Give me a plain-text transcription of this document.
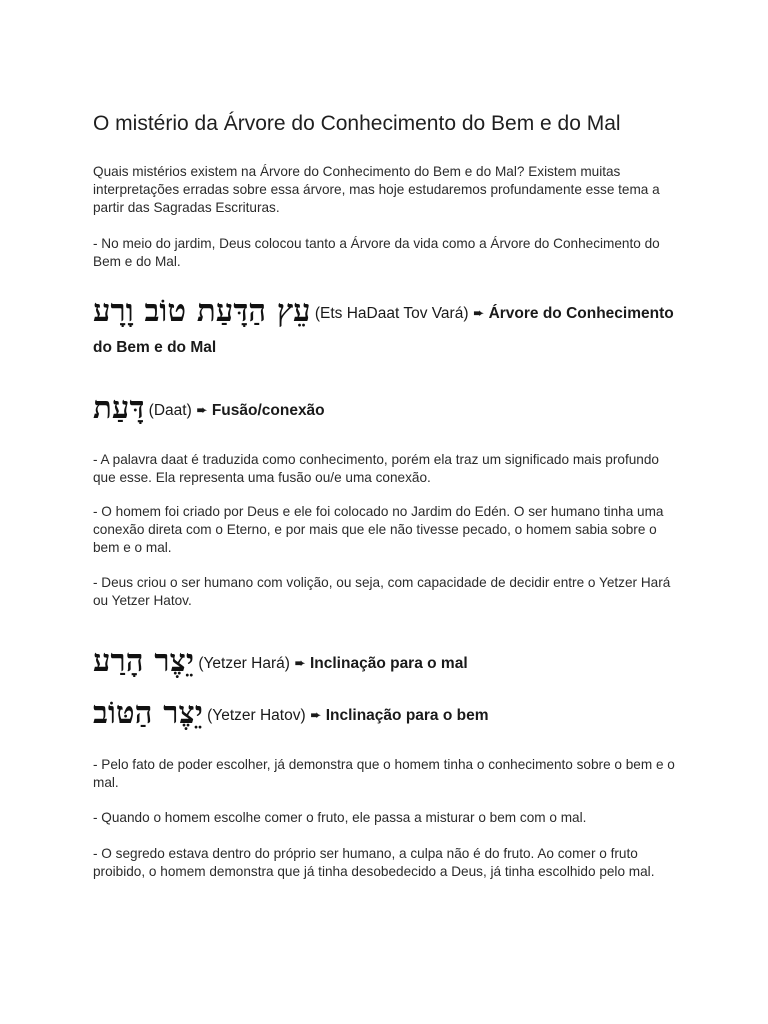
O mistério da Árvore do Conhecimento do Bem e do Mal

Quais mistérios existem na Árvore do Conhecimento do Bem e do Mal? Existem muitas interpretações erradas sobre essa árvore, mas hoje estudaremos profundamente esse tema a partir das Sagradas Escrituras.

- No meio do jardim, Deus colocou tanto a Árvore da vida como a Árvore do Conhecimento do Bem e do Mal.

עֵץ הַדָּעַת טוֹב וָרָע (Ets HaDaat Tov Vará) ➨ Árvore do Conhecimento do Bem e do Mal
דָּעַת (Daat) ➨ Fusão/conexão

- A palavra daat é traduzida como conhecimento, porém ela traz um significado mais profundo que esse. Ela representa uma fusão ou/e uma conexão.

- O homem foi criado por Deus e ele foi colocado no Jardim do Edén. O ser humano tinha uma conexão direta com o Eterno, e por mais que ele não tivesse pecado, o homem sabia sobre o bem e o mal.

- Deus criou o ser humano com volição, ou seja, com capacidade de decidir entre o Yetzer Hará ou Yetzer Hatov.

יֵצֶר הָרַע (Yetzer Hará) ➨ Inclinação para o mal
יֵצֶר הַטּוֹב (Yetzer Hatov) ➨ Inclinação para o bem

- Pelo fato de poder escolher, já demonstra que o homem tinha o conhecimento sobre o bem e o mal.

- Quando o homem escolhe comer o fruto, ele passa a misturar o bem com o mal.

- O segredo estava dentro do próprio ser humano, a culpa não é do fruto. Ao comer o fruto proibido, o homem demonstra que já tinha desobedecido a Deus, já tinha escolhido pelo mal.
